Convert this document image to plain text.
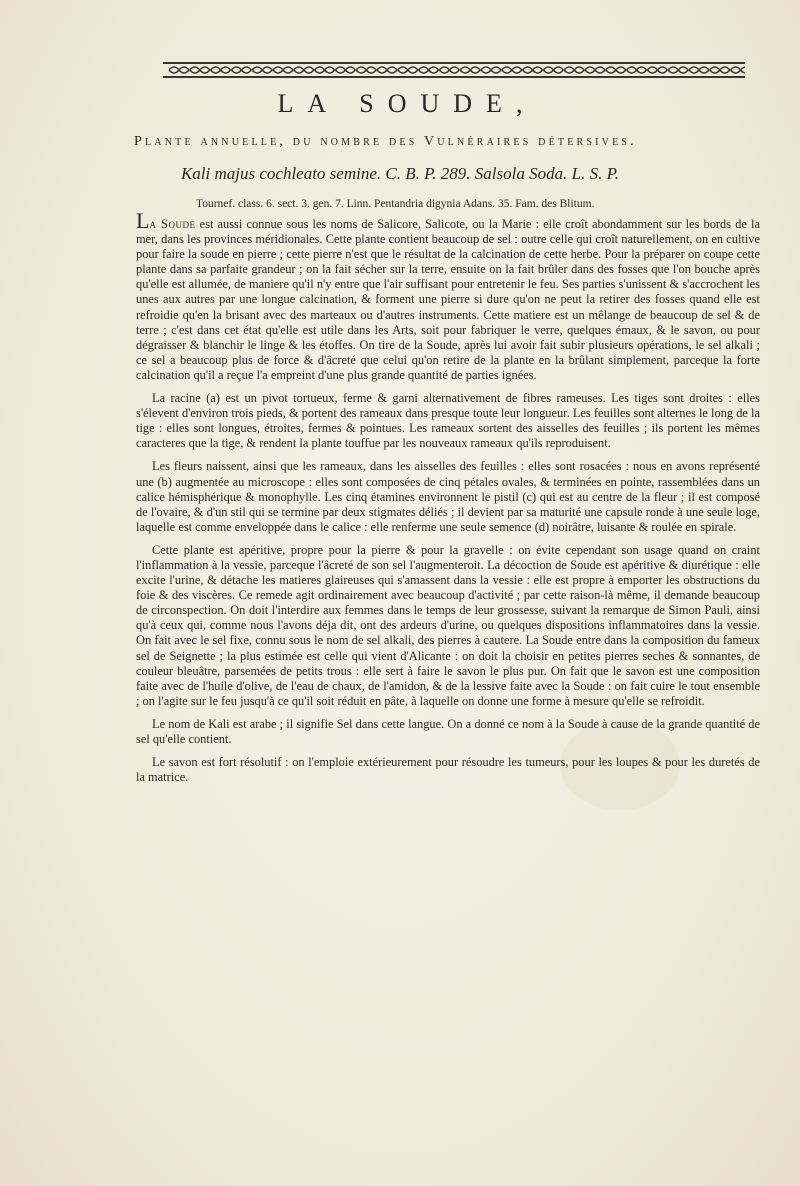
LA SOUDE,
Plante annuelle, du nombre des Vulnéraires détersives.
Kali majus cochleato semine. C. B. P. 289. Salsola Soda. L. S. P.
Tournef. class. 6. sect. 3. gen. 7. Linn. Pentandria digynia Adans. 35. Fam. des Blitum.

La Soude est aussi connue sous les noms de Salicore, Salicote, ou la Marie : elle croît abondamment sur les bords de la mer, dans les provinces méridionales. Cette plante contient beaucoup de sel : outre celle qui croît naturellement, on en cultive pour faire la soude en pierre ; cette pierre n'est que le résultat de la calcination de cette herbe. Pour la préparer on coupe cette plante dans sa parfaite grandeur ; on la fait sécher sur la terre, ensuite on la fait brûler dans des fosses que l'on bouche après qu'elle est allumée, de maniere qu'il n'y entre que l'air suffisant pour entretenir le feu. Ses parties s'unissent & s'accrochent les unes aux autres par une longue calcination, & forment une pierre si dure qu'on ne peut la retirer des fosses quand elle est refroidie qu'en la brisant avec des marteaux ou d'autres instruments. Cette matiere est un mêlange de beaucoup de sel & de terre ; c'est dans cet état qu'elle est utile dans les Arts, soit pour fabriquer le verre, quelques émaux, & le savon, ou pour dégraisser & blanchir le linge & les étoffes. On tire de la Soude, après lui avoir fait subir plusieurs opérations, le sel alkali ; ce sel a beaucoup plus de force & d'âcreté que celui qu'on retire de la plante en la brûlant simplement, parceque la forte calcination qu'il a reçue l'a empreint d'une plus grande quantité de parties ignées.

La racine (a) est un pivot tortueux, ferme & garni alternativement de fibres rameuses. Les tiges sont droites : elles s'élevent d'environ trois pieds, & portent des rameaux dans presque toute leur longueur. Les feuilles sont alternes le long de la tige : elles sont longues, étroites, fermes & pointues. Les rameaux sortent des aisselles des feuilles ; ils portent les mêmes caracteres que la tige, & rendent la plante touffue par les nouveaux rameaux qu'ils reproduisent.

Les fleurs naissent, ainsi que les rameaux, dans les aisselles des feuilles : elles sont rosacées : nous en avons représenté une (b) augmentée au microscope : elles sont composées de cinq pétales ovales, & terminées en pointe, rassemblées dans un calice hémisphérique & monophylle. Les cinq étamines environnent le pistil (c) qui est au centre de la fleur ; il est composé de l'ovaire, & d'un stil qui se termine par deux stigmates déliés ; il devient par sa maturité une capsule ronde à une seule loge, laquelle est comme enveloppée dans le calice : elle renferme une seule semence (d) noirâtre, luisante & roulée en spirale.

Cette plante est apéritive, propre pour la pierre & pour la gravelle : on évite cependant son usage quand on craint l'inflammation à la vessie, parceque l'âcreté de son sel l'augmenteroit. La décoction de Soude est apéritive & diurétique : elle excite l'urine, & détache les matieres glaireuses qui s'amassent dans la vessie : elle est propre à emporter les obstructions du foie & des viscères. Ce remede agit ordinairement avec beaucoup d'activité ; par cette raison-là même, il demande beaucoup de circonspection. On doit l'interdire aux femmes dans le temps de leur grossesse, suivant la remarque de Simon Pauli, ainsi qu'à ceux qui, comme nous l'avons déja dit, ont des ardeurs d'urine, ou quelques dispositions inflammatoires dans la vessie. On fait avec le sel fixe, connu sous le nom de sel alkali, des pierres à cautere. La Soude entre dans la composition du fameux sel de Seignette ; la plus estimée est celle qui vient d'Alicante : on doit la choisir en petites pierres seches & sonnantes, de couleur bleuâtre, parsemées de petits trous : elle sert à faire le savon le plus pur. On fait que le savon est une composition faite avec de l'huile d'olive, de l'eau de chaux, de l'amidon, & de la lessive faite avec la Soude : on fait cuire le tout ensemble ; on l'agite sur le feu jusqu'à ce qu'il soit réduit en pâte, à laquelle on donne une forme à mesure qu'elle se refroidit.

Le nom de Kali est arabe ; il signifie Sel dans cette langue. On a donné ce nom à la Soude à cause de la grande quantité de sel qu'elle contient.

Le savon est fort résolutif : on l'emploie extérieurement pour résoudre les tumeurs, pour les loupes & pour les duretés de la matrice.
